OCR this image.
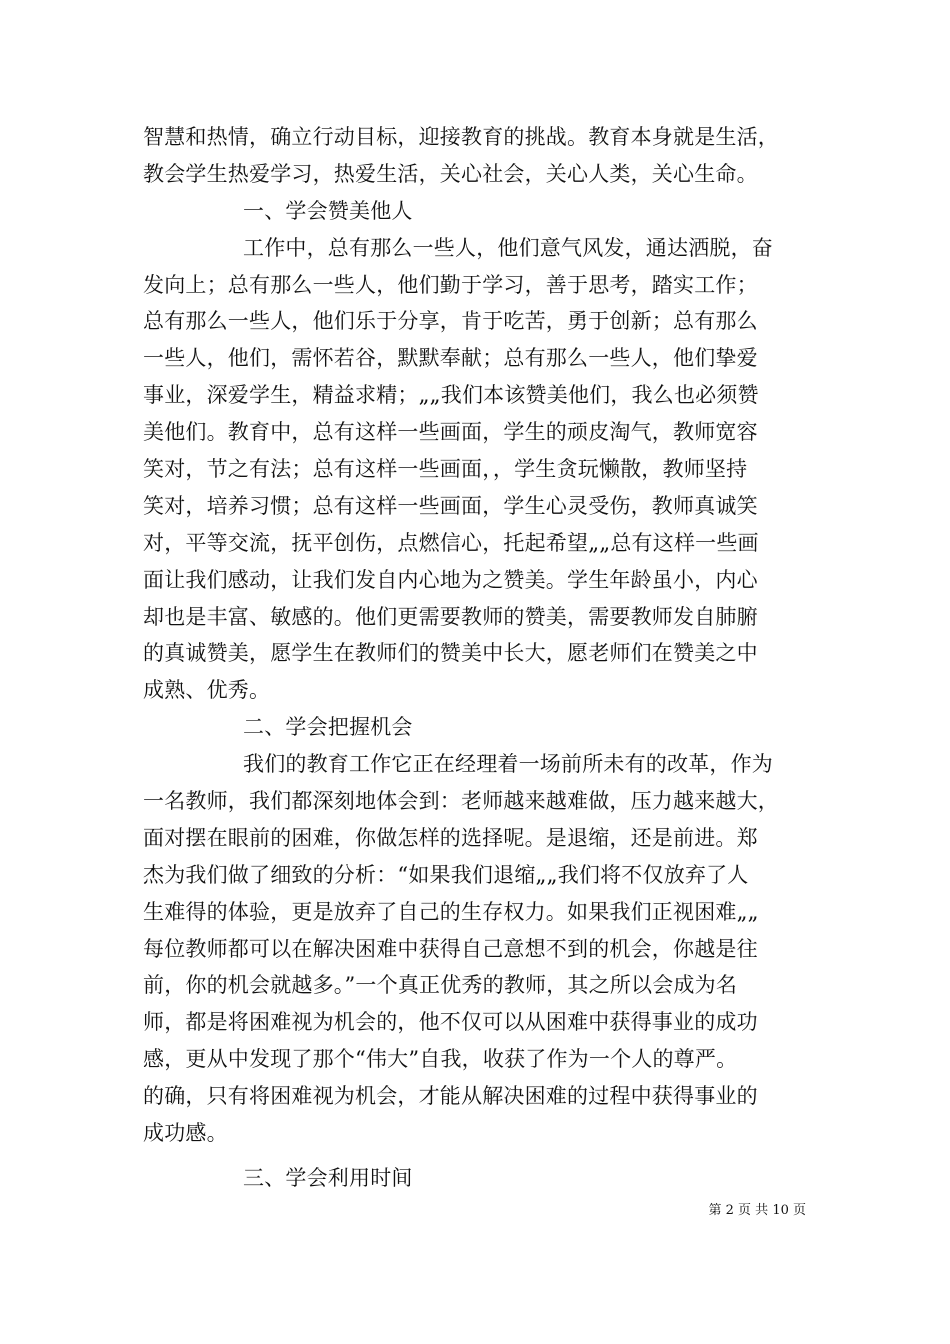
智慧和热情，确立行动目标，迎接教育的挑战。教育本身就是生活，
教会学生热爱学习，热爱生活，关心社会，关心人类，关心生命。
一、学会赞美他人
工作中，总有那么一些人，他们意气风发，通达洒脱，奋
发向上；总有那么一些人，他们勤于学习，善于思考，踏实工作；
总有那么一些人，他们乐于分享，肯于吃苦，勇于创新；总有那么
一些人，他们，需怀若谷，默默奉献；总有那么一些人，他们挚爱
事业，深爱学生，精益求精；„„我们本该赞美他们，我么也必须赞
美他们。教育中，总有这样一些画面，学生的顽皮淘气，教师宽容
笑对，节之有法；总有这样一些画面，，学生贪玩懒散，教师坚持
笑对，培养习惯；总有这样一些画面，学生心灵受伤，教师真诚笑
对，平等交流，抚平创伤，点燃信心，托起希望„„总有这样一些画
面让我们感动，让我们发自内心地为之赞美。学生年龄虽小，内心
却也是丰富、敏感的。他们更需要教师的赞美，需要教师发自肺腑
的真诚赞美，愿学生在教师们的赞美中长大，愿老师们在赞美之中
成熟、优秀。
二、学会把握机会
我们的教育工作它正在经理着一场前所未有的改革，作为
一名教师，我们都深刻地体会到：老师越来越难做，压力越来越大，
面对摆在眼前的困难，你做怎样的选择呢。是退缩，还是前进。郑
杰为我们做了细致的分析：“如果我们退缩„„我们将不仅放弃了人
生难得的体验，更是放弃了自己的生存权力。如果我们正视困难„„
每位教师都可以在解决困难中获得自己意想不到的机会，你越是往
前，你的机会就越多。”一个真正优秀的教师，其之所以会成为名
师，都是将困难视为机会的，他不仅可以从困难中获得事业的成功
感，更从中发现了那个“伟大”自我，收获了作为一个人的尊严。
的确，只有将困难视为机会，才能从解决困难的过程中获得事业的
成功感。
三、学会利用时间
第 2 页 共 10 页
